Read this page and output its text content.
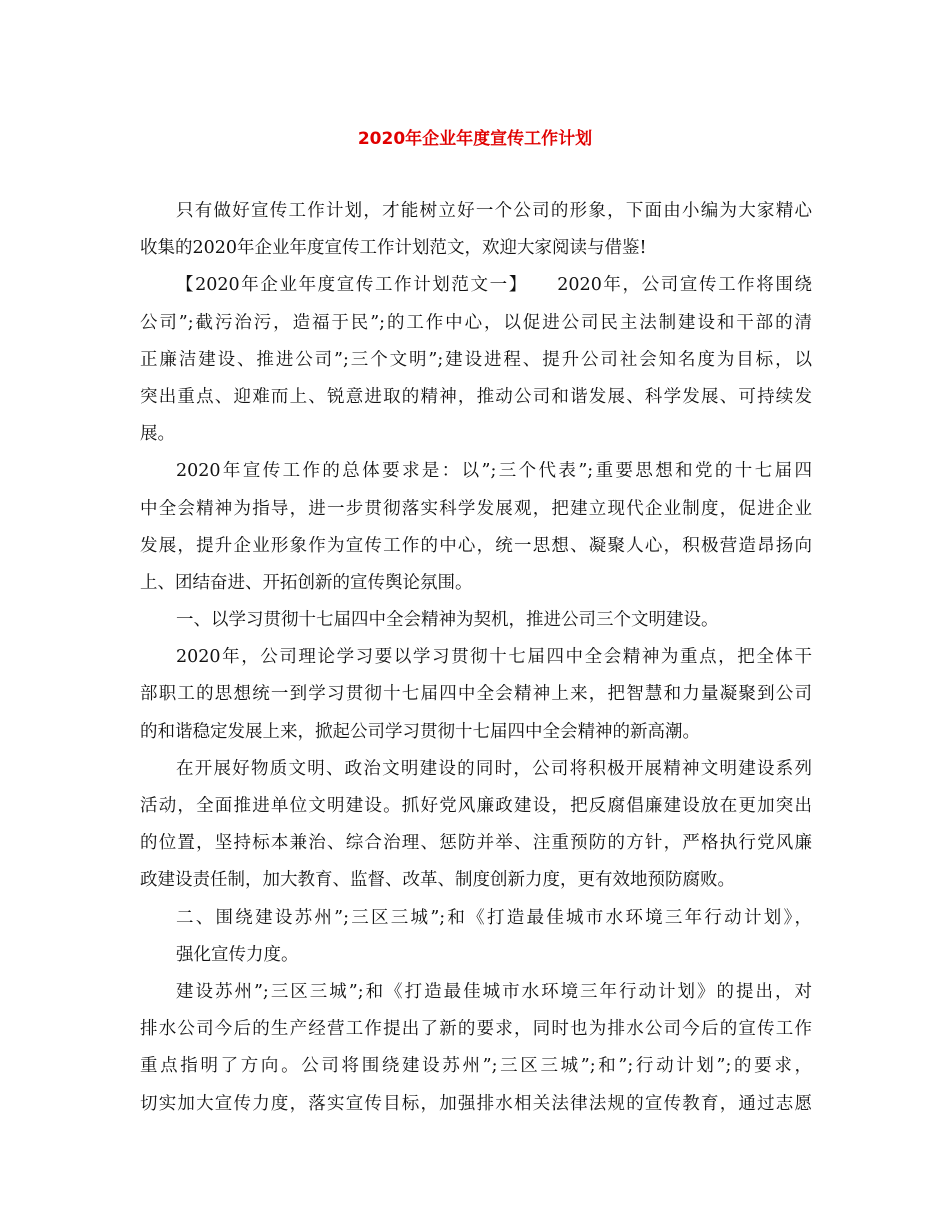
2020年企业年度宣传工作计划
只有做好宣传工作计划，才能树立好一个公司的形象，下面由小编为大家精心
收集的2020年企业年度宣传工作计划范文，欢迎大家阅读与借鉴!
【2020年企业年度宣传工作计划范文一】　　2020年，公司宣传工作将围绕
公司”;截污治污，造福于民”;的工作中心，以促进公司民主法制建设和干部的清
正廉洁建设、推进公司”;三个文明”;建设进程、提升公司社会知名度为目标，以
突出重点、迎难而上、锐意进取的精神，推动公司和谐发展、科学发展、可持续发
展。
2020年宣传工作的总体要求是：以”;三个代表”;重要思想和党的十七届四
中全会精神为指导，进一步贯彻落实科学发展观，把建立现代企业制度，促进企业
发展，提升企业形象作为宣传工作的中心，统一思想、凝聚人心，积极营造昂扬向
上、团结奋进、开拓创新的宣传舆论氛围。
一、以学习贯彻十七届四中全会精神为契机，推进公司三个文明建设。
2020年，公司理论学习要以学习贯彻十七届四中全会精神为重点，把全体干
部职工的思想统一到学习贯彻十七届四中全会精神上来，把智慧和力量凝聚到公司
的和谐稳定发展上来，掀起公司学习贯彻十七届四中全会精神的新高潮。
在开展好物质文明、政治文明建设的同时，公司将积极开展精神文明建设系列
活动，全面推进单位文明建设。抓好党风廉政建设，把反腐倡廉建设放在更加突出
的位置，坚持标本兼治、综合治理、惩防并举、注重预防的方针，严格执行党风廉
政建设责任制，加大教育、监督、改革、制度创新力度，更有效地预防腐败。
二、围绕建设苏州”;三区三城”;和《打造最佳城市水环境三年行动计划》，
强化宣传力度。
建设苏州”;三区三城”;和《打造最佳城市水环境三年行动计划》的提出，对
排水公司今后的生产经营工作提出了新的要求，同时也为排水公司今后的宣传工作
重点指明了方向。公司将围绕建设苏州”;三区三城”;和”;行动计划”;的要求，
切实加大宣传力度，落实宣传目标，加强排水相关法律法规的宣传教育，通过志愿
